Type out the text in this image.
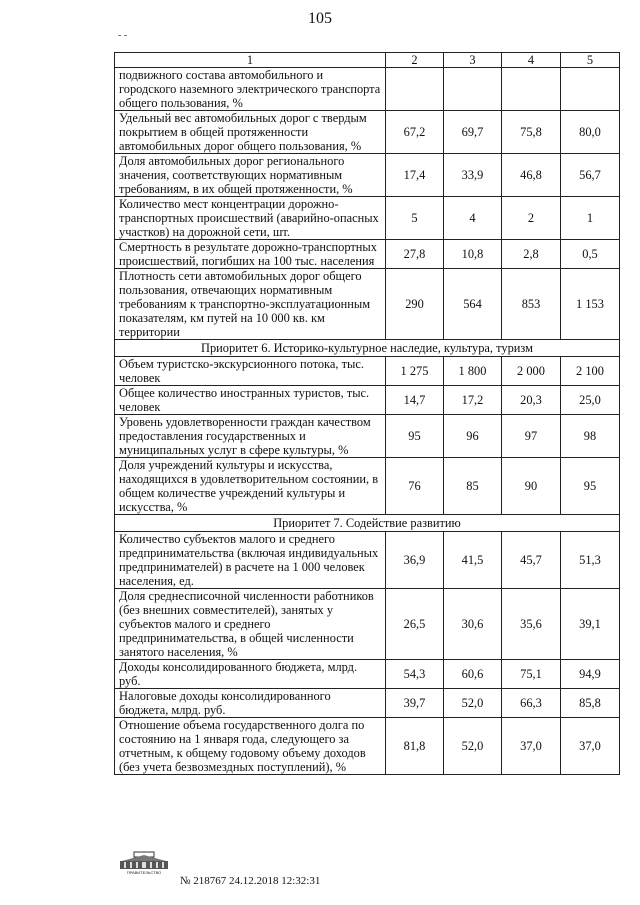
105
- -
1	2	3	4	5
подвижного состава автомобильного и городского наземного электрического транспорта общего пользования, %				
Удельный вес автомобильных дорог с твердым покрытием в общей протяженности автомобильных дорог общего пользования, %	67,2	69,7	75,8	80,0
Доля автомобильных дорог регионального значения, соответствующих нормативным требованиям, в их общей протяженности, %	17,4	33,9	46,8	56,7
Количество мест концентрации дорожно-транспортных происшествий (аварийно-опасных участков) на дорожной сети, шт.	5	4	2	1
Смертность в результате дорожно-транспортных происшествий, погибших на 100 тыс. населения	27,8	10,8	2,8	0,5
Плотность сети автомобильных дорог общего пользования, отвечающих нормативным требованиям к транспортно-эксплуатационным показателям, км путей на 10 000 кв. км территории	290	564	853	1 153
Приоритет 6. Историко-культурное наследие, культура, туризм				
Объем туристско-экскурсионного потока, тыс. человек	1 275	1 800	2 000	2 100
Общее количество иностранных туристов, тыс. человек	14,7	17,2	20,3	25,0
Уровень удовлетворенности граждан качеством предоставления государственных и муниципальных услуг в сфере культуры, %	95	96	97	98
Доля учреждений культуры и искусства, находящихся в удовлетворительном состоянии, в общем количестве учреждений культуры и искусства, %	76	85	90	95
Приоритет 7. Содействие развитию				
Количество субъектов малого и среднего предпринимательства (включая индивидуальных предпринимателей) в расчете на 1 000 человек населения, ед.	36,9	41,5	45,7	51,3
Доля среднесписочной численности работников (без внешних совместителей), занятых у субъектов малого и среднего предпринимательства, в общей численности занятого населения, %	26,5	30,6	35,6	39,1
Доходы консолидированного бюджета, млрд. руб.	54,3	60,6	75,1	94,9
Налоговые доходы консолидированного бюджета, млрд. руб.	39,7	52,0	66,3	85,8
Отношение объема государственного долга по состоянию на 1 января года, следующего за отчетным, к общему годовому объему доходов (без учета безвозмездных поступлений), %	81,8	52,0	37,0	37,0
ПРАВИТЕЛЬСТВО
№ 218767 24.12.2018 12:32:31
